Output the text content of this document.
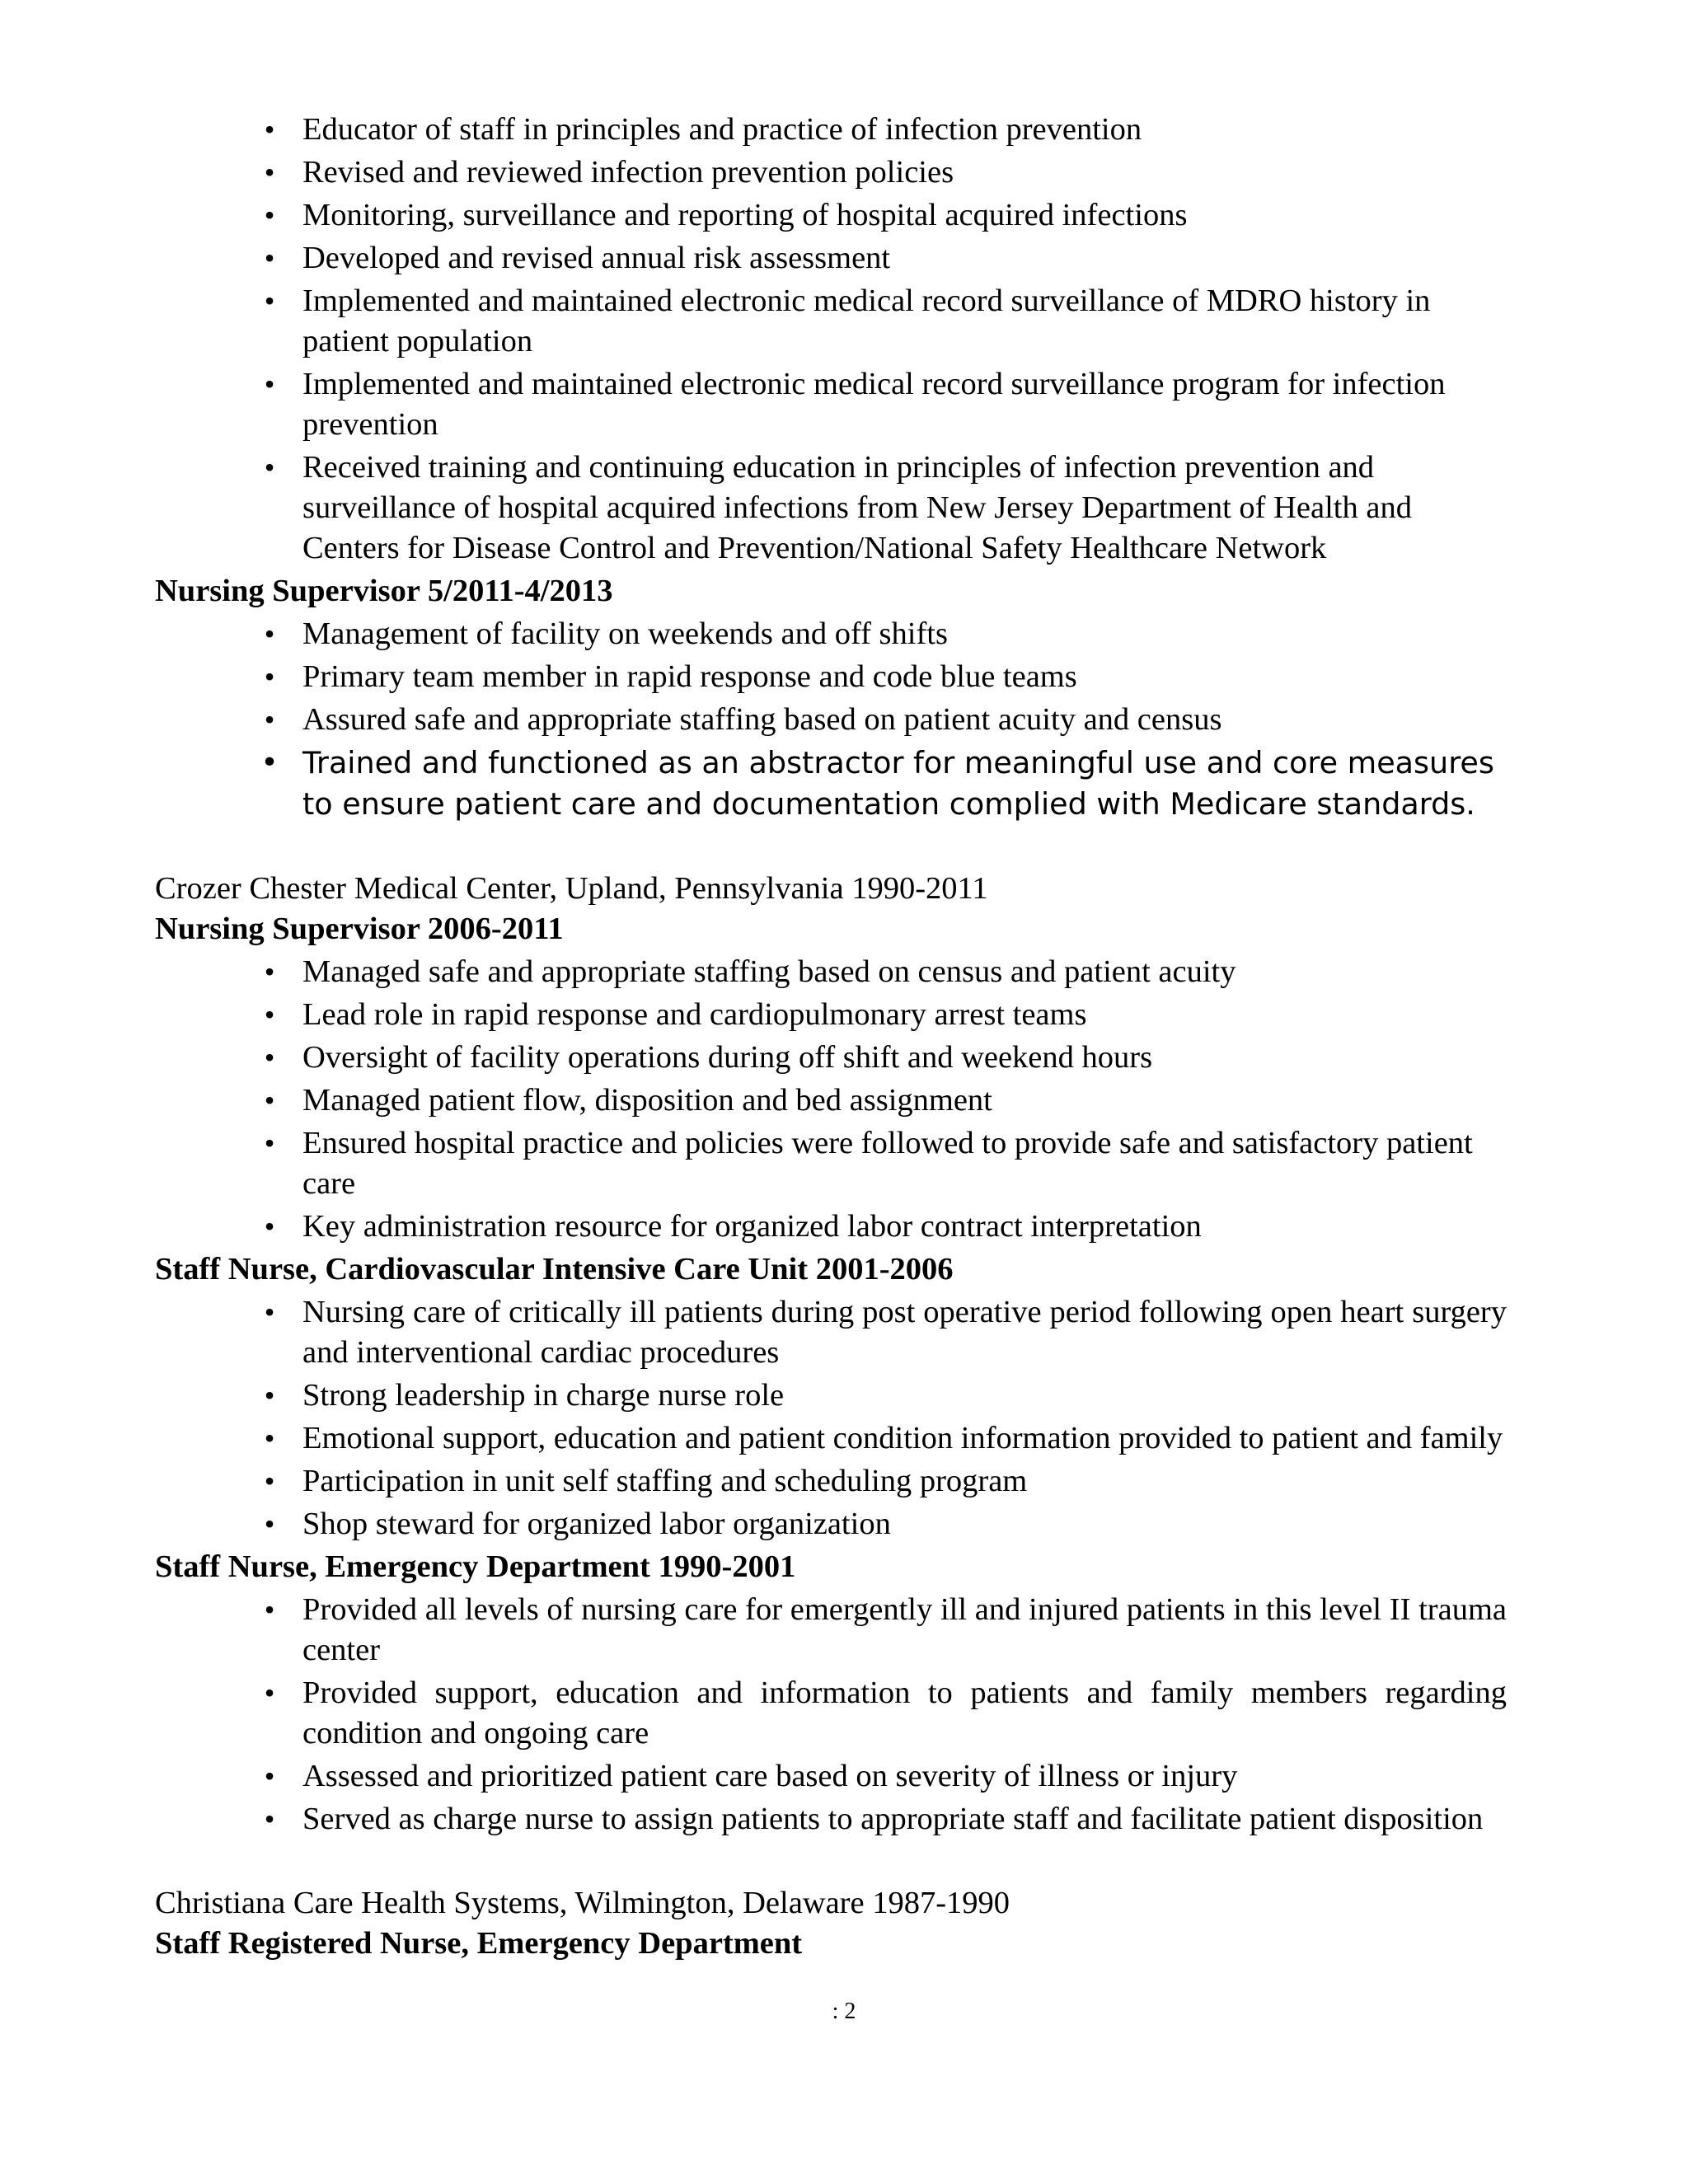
• Educator of staff in principles and practice of infection prevention
• Revised and reviewed infection prevention policies
• Monitoring, surveillance and reporting of hospital acquired infections
• Developed and revised annual risk assessment
• Implemented and maintained electronic medical record surveillance of MDRO history in patient population
• Implemented and maintained electronic medical record surveillance program for infection prevention
• Received training and continuing education in principles of infection prevention and surveillance of hospital acquired infections from New Jersey Department of Health and Centers for Disease Control and Prevention/National Safety Healthcare Network

Nursing Supervisor 5/2011-4/2013

• Management of facility on weekends and off shifts
• Primary team member in rapid response and code blue teams
• Assured safe and appropriate staffing based on patient acuity and census
• Trained and functioned as an abstractor for meaningful use and core measures to ensure patient care and documentation complied with Medicare standards.

Crozer Chester Medical Center, Upland, Pennsylvania 1990-2011

Nursing Supervisor 2006-2011

• Managed safe and appropriate staffing based on census and patient acuity
• Lead role in rapid response and cardiopulmonary arrest teams
• Oversight of facility operations during off shift and weekend hours
• Managed patient flow, disposition and bed assignment
• Ensured hospital practice and policies were followed to provide safe and satisfactory patient care
• Key administration resource for organized labor contract interpretation

Staff Nurse, Cardiovascular Intensive Care Unit 2001-2006

• Nursing care of critically ill patients during post operative period following open heart surgery and interventional cardiac procedures
• Strong leadership in charge nurse role
• Emotional support, education and patient condition information provided to patient and family
• Participation in unit self staffing and scheduling program
• Shop steward for organized labor organization

Staff Nurse, Emergency Department 1990-2001

• Provided all levels of nursing care for emergently ill and injured patients in this level II trauma center
• Provided support, education and information to patients and family members regarding condition and ongoing care
• Assessed and prioritized patient care based on severity of illness or injury
• Served as charge nurse to assign patients to appropriate staff and facilitate patient disposition

Christiana Care Health Systems, Wilmington, Delaware 1987-1990

Staff Registered Nurse, Emergency Department

: 2
